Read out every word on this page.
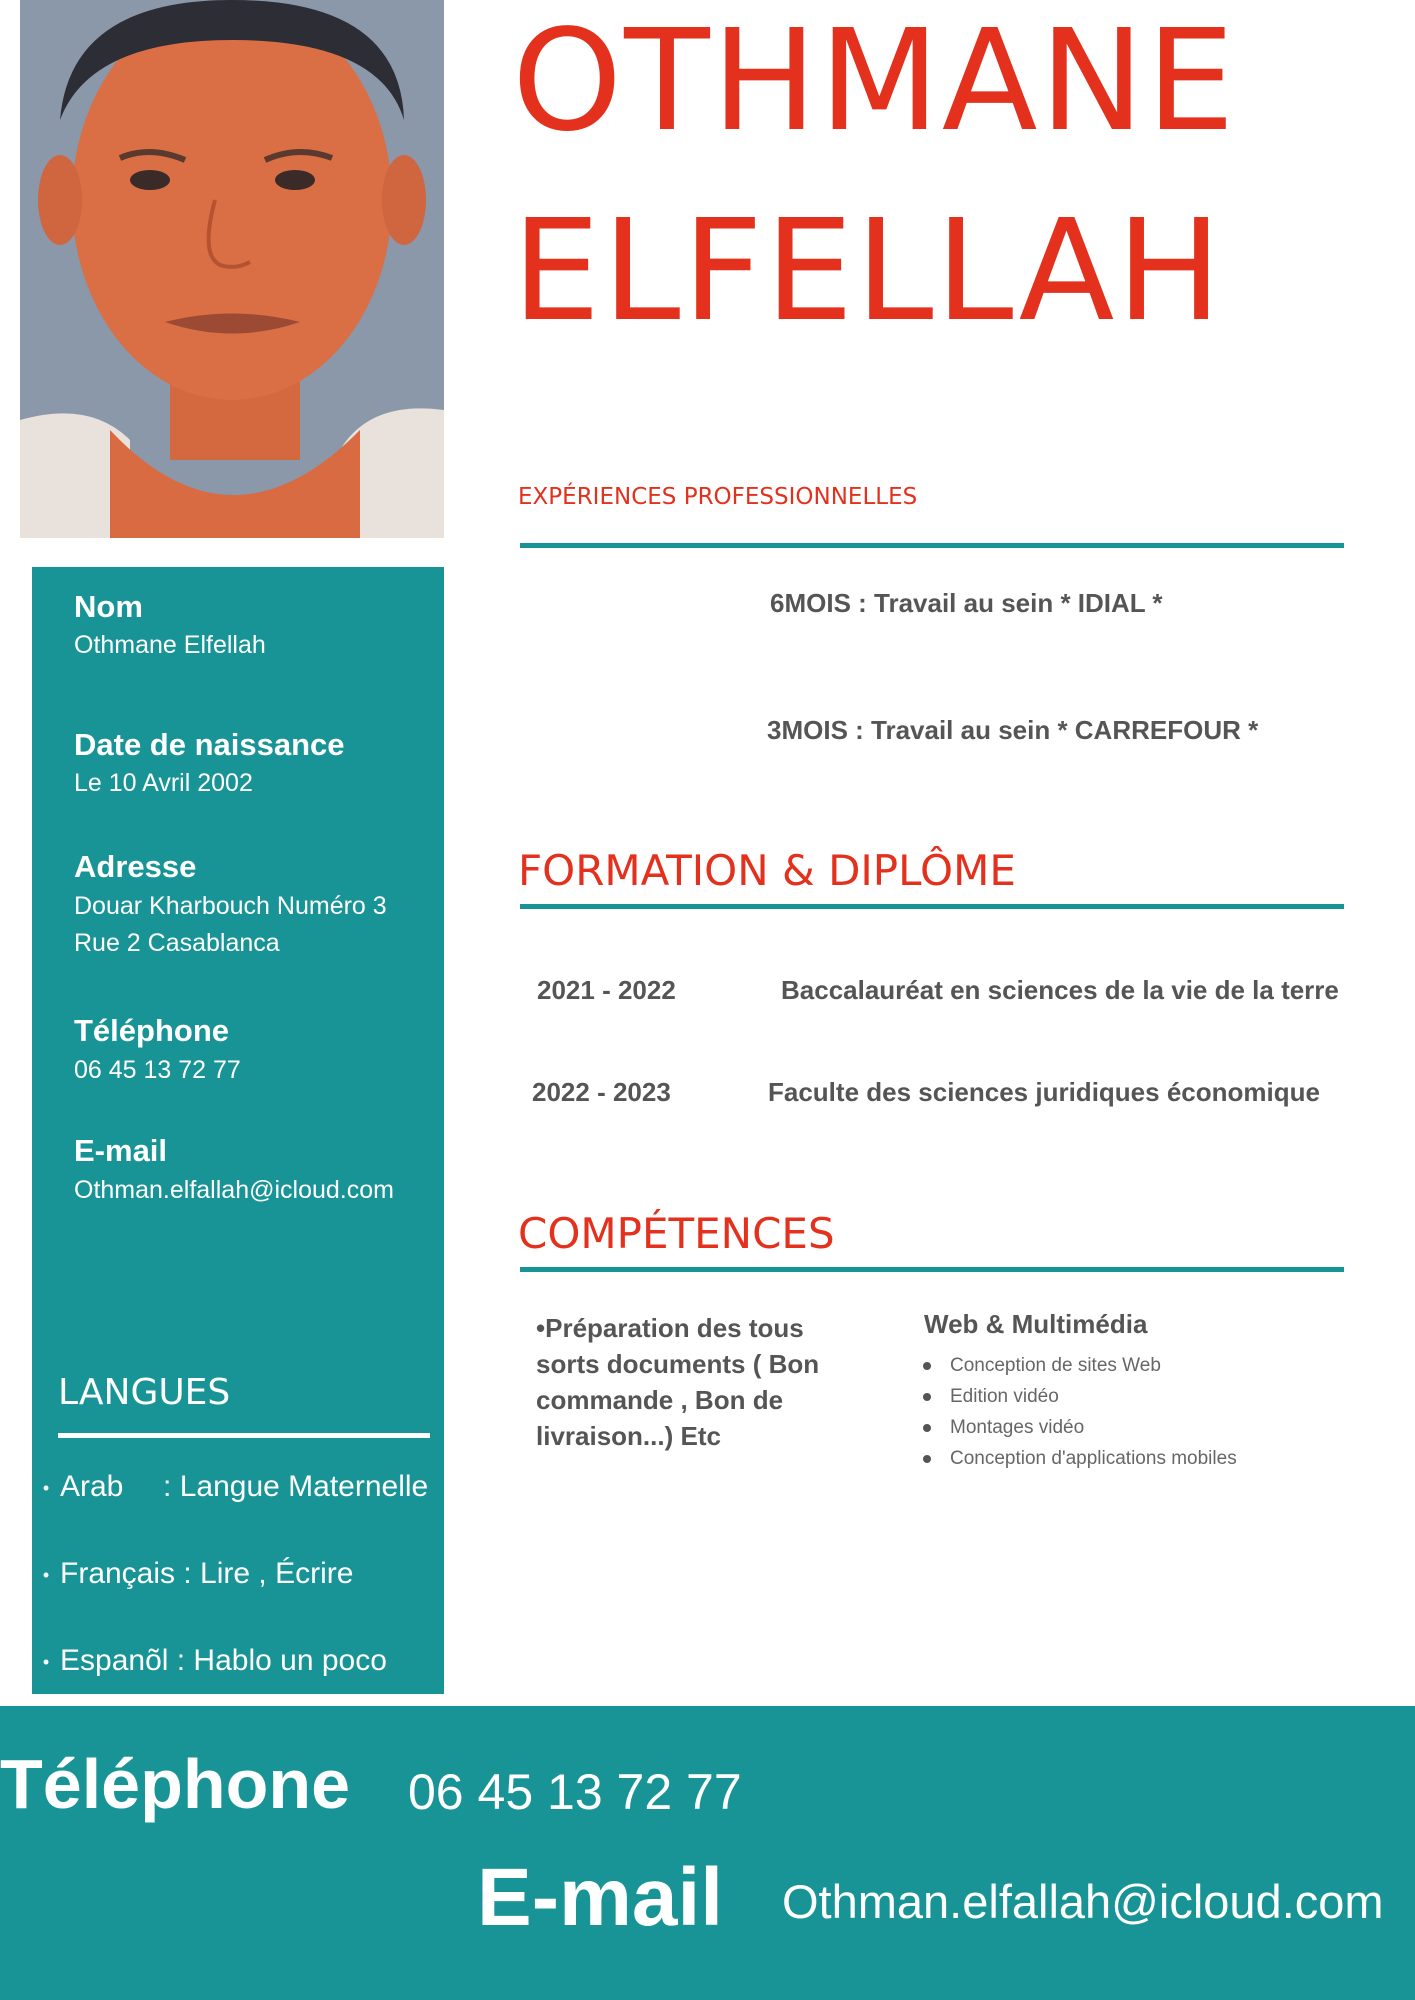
OTHMANE
ELFELLAH
Nom
Othmane Elfellah
Date de naissance
Le 10 Avril 2002
Adresse
Douar Kharbouch Numéro 3
Rue 2 Casablanca
Téléphone
06 45 13 72 77
E-mail
Othman.elfallah@icloud.com
LANGUES
• Arab : Langue Maternelle
• Français : Lire , Écrire
• Espanõl : Hablo un poco
EXPÉRIENCES PROFESSIONNELLES
6MOIS : Travail au sein * IDIAL *
3MOIS : Travail au sein * CARREFOUR *
FORMATION & DIPLÔME
2021 - 2022	Baccalauréat en sciences de la vie de la terre
2022 - 2023	Faculte des sciences juridiques économique
COMPÉTENCES
•Préparation des tous sorts documents ( Bon commande , Bon de livraison...) Etc
Web & Multimédia
Conception de sites Web
Edition vidéo
Montages vidéo
Conception d'applications mobiles
Téléphone 06 45 13 72 77
E-mail Othman.elfallah@icloud.com
